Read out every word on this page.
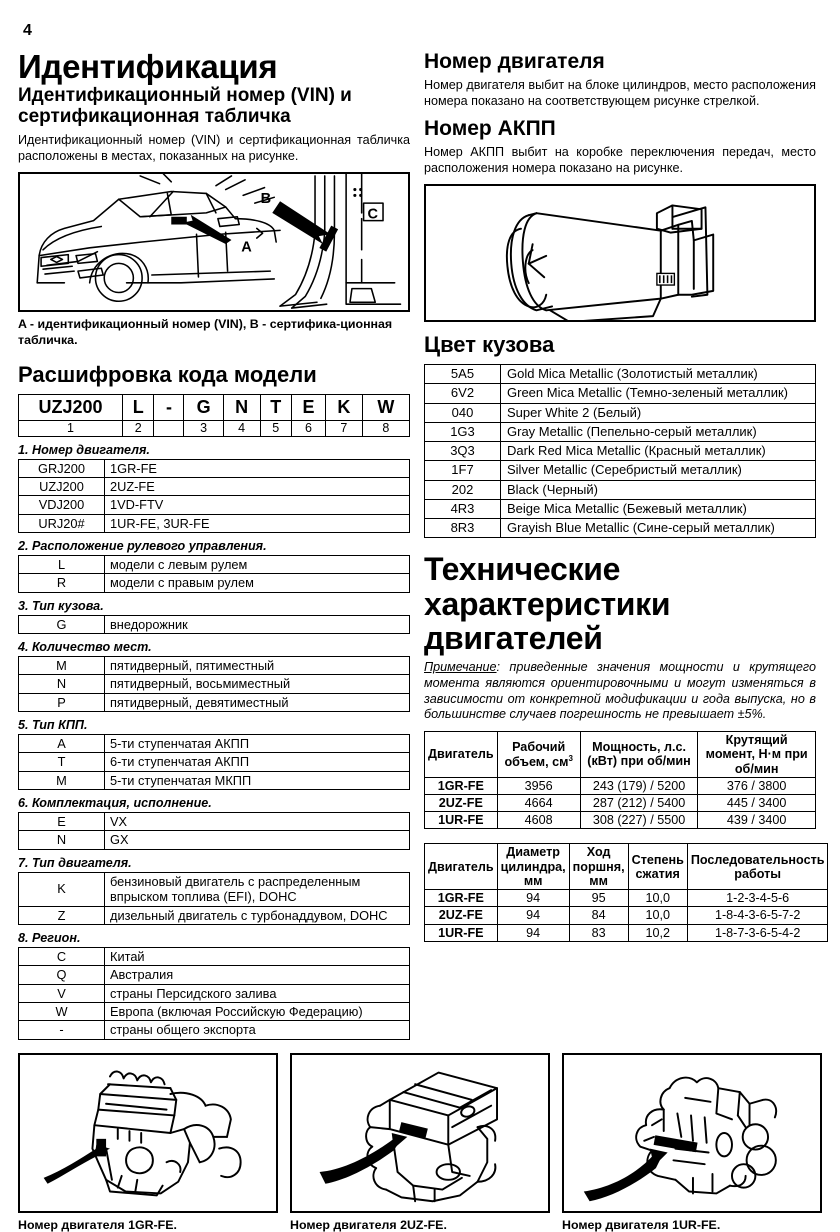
4
Идентификация
Идентификационный номер (VIN) и сертификационная табличка

Идентификационный номер (VIN) и сертификационная табличка расположены в местах, показанных на рисунке.

A
C
B

A - идентификационный номер (VIN), B - сертифика-ционная табличка.

Расшифровка кода модели
UZJ200	L	-	G	N	T	E	K	W
1	2		3	4	5	6	7	8
1. Номер двигателя.
GRJ200	1GR-FE
UZJ200	2UZ-FE
VDJ200	1VD-FTV
URJ20#	1UR-FE, 3UR-FE
2. Расположение рулевого управления.
L	модели с левым рулем
R	модели с правым рулем
3. Тип кузова.
G	внедорожник
4. Количество мест.
M	пятидверный, пятиместный
N	пятидверный, восьмиместный
P	пятидверный, девятиместный
5. Тип КПП.
A	5-ти ступенчатая АКПП
T	6-ти ступенчатая АКПП
M	5-ти ступенчатая МКПП
6. Комплектация, исполнение.
E	VX
N	GX
7. Тип двигателя.
K	бензиновый двигатель с распределенным впрыском топлива (EFI), DOHC
Z	дизельный двигатель с турбонаддувом, DOHC
8. Регион.
C	Китай
Q	Австралия
V	страны Персидского залива
W	Европа (включая Российскую Федерацию)
-	страны общего экспорта
Номер двигателя

Номер двигателя выбит на блоке цилиндров, место расположения номера показано на соответствующем рисунке стрелкой.

Номер АКПП

Номер АКПП выбит на коробке переключения передач, место расположения номера показано на рисунке.

Цвет кузова
5A5	Gold Mica Metallic (Золотистый металлик)
6V2	Green Mica Metallic (Темно-зеленый металлик)
040	Super White 2 (Белый)
1G3	Gray Metallic (Пепельно-серый металлик)
3Q3	Dark Red Mica Metallic (Красный металлик)
1F7	Silver Metallic (Серебристый металлик)
202	Black (Черный)
4R3	Beige Mica Metallic (Бежевый металлик)
8R3	Grayish Blue Metallic (Сине-серый металлик)
Технические характеристики двигателей

Примечание: приведенные значения мощности и крутящего момента являются ориентировочными и могут изменяться в зависимости от конкретной модификации и года выпуска, но в большинстве случаев погрешность не превышает ±5%.

Двигатель	Рабочий объем, $см^3$	Мощность, л.с. (кВт) при об/мин	Крутящий момент, Н·м при об/мин
1GR-FE	3956	243 (179) / 5200	376 / 3800
2UZ-FE	4664	287 (212) / 5400	445 / 3400
1UR-FE	4608	308 (227) / 5500	439 / 3400
Двигатель	Диаметр цилиндра, мм	Ход поршня, мм	Степень сжатия	Последовательность работы
1GR-FE	94	95	10,0	1-2-3-4-5-6
2UZ-FE	94	84	10,0	1-8-4-3-6-5-7-2
1UR-FE	94	83	10,2	1-8-7-3-6-5-4-2
Номер двигателя 1GR-FE.	Номер двигателя 2UZ-FE.	Номер двигателя 1UR-FE.
